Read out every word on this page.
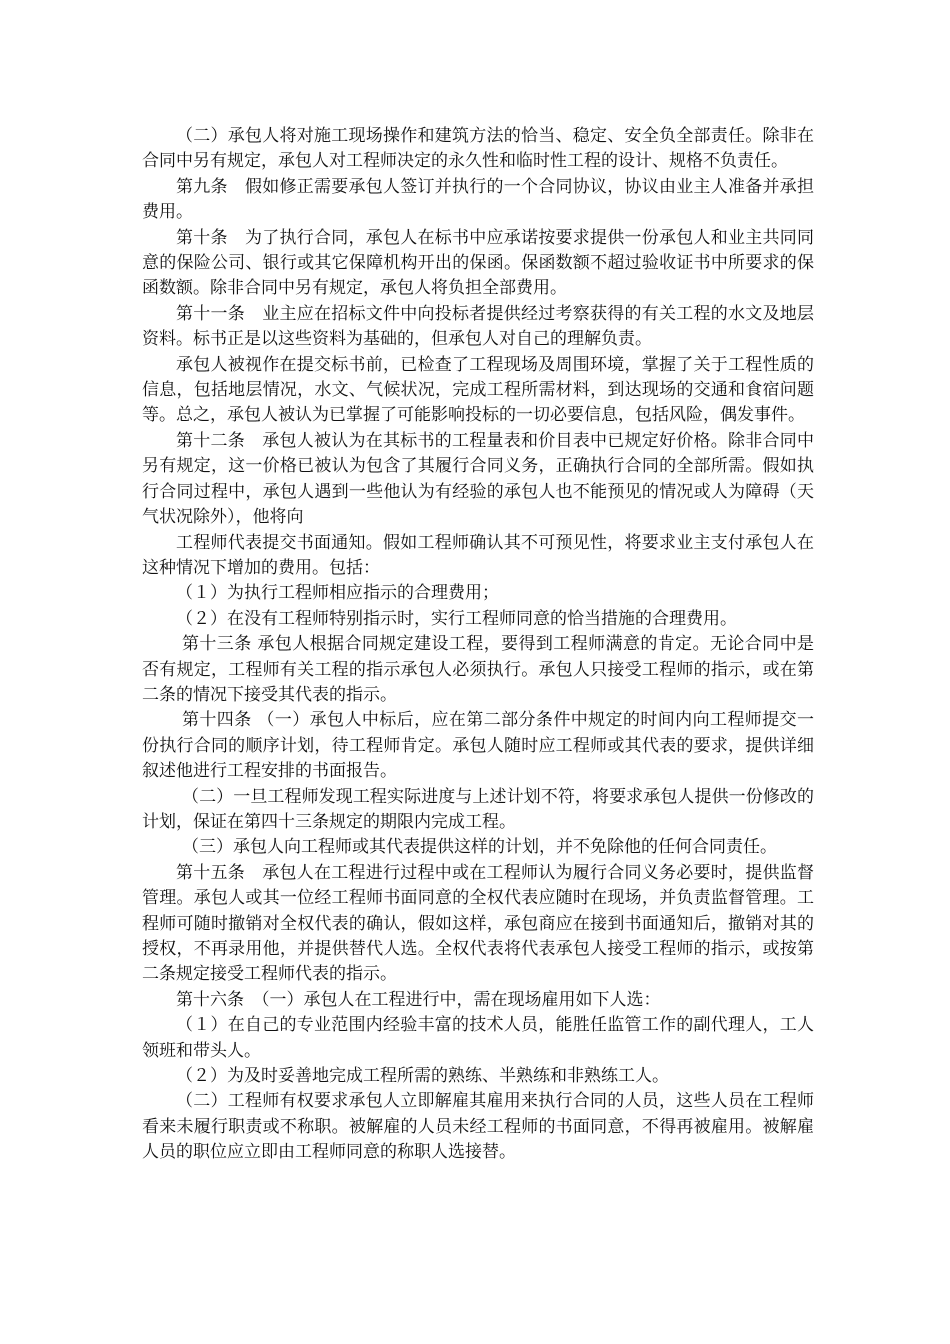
（二）承包人将对施工现场操作和建筑方法的恰当、稳定、安全负全部责任。除非在合同中另有规定，承包人对工程师决定的永久性和临时性工程的设计、规格不负责任。

第九条　假如修正需要承包人签订并执行的一个合同协议，协议由业主人准备并承担费用。

第十条　为了执行合同，承包人在标书中应承诺按要求提供一份承包人和业主共同同意的保险公司、银行或其它保障机构开出的保函。保函数额不超过验收证书中所要求的保函数额。除非合同中另有规定，承包人将负担全部费用。

第十一条　业主应在招标文件中向投标者提供经过考察获得的有关工程的水文及地层资料。标书正是以这些资料为基础的，但承包人对自己的理解负责。

承包人被视作在提交标书前，已检查了工程现场及周围环境，掌握了关于工程性质的信息，包括地层情况，水文、气候状况，完成工程所需材料，到达现场的交通和食宿问题等。总之，承包人被认为已掌握了可能影响投标的一切必要信息，包括风险，偶发事件。

第十二条　承包人被认为在其标书的工程量表和价目表中已规定好价格。除非合同中另有规定，这一价格已被认为包含了其履行合同义务，正确执行合同的全部所需。假如执行合同过程中，承包人遇到一些他认为有经验的承包人也不能预见的情况或人为障碍（天气状况除外），他将向

工程师代表提交书面通知。假如工程师确认其不可预见性，将要求业主支付承包人在这种情况下增加的费用。包括：

（１）为执行工程师相应指示的合理费用；

（２）在没有工程师特别指示时，实行工程师同意的恰当措施的合理费用。

第十三条 承包人根据合同规定建设工程，要得到工程师满意的肯定。无论合同中是否有规定，工程师有关工程的指示承包人必须执行。承包人只接受工程师的指示，或在第二条的情况下接受其代表的指示。

第十四条 （一）承包人中标后，应在第二部分条件中规定的时间内向工程师提交一份执行合同的顺序计划，待工程师肯定。承包人随时应工程师或其代表的要求，提供详细叙述他进行工程安排的书面报告。

（二）一旦工程师发现工程实际进度与上述计划不符，将要求承包人提供一份修改的计划，保证在第四十三条规定的期限内完成工程。

（三）承包人向工程师或其代表提供这样的计划，并不免除他的任何合同责任。

第十五条　承包人在工程进行过程中或在工程师认为履行合同义务必要时，提供监督管理。承包人或其一位经工程师书面同意的全权代表应随时在现场，并负责监督管理。工程师可随时撤销对全权代表的确认，假如这样，承包商应在接到书面通知后，撤销对其的授权，不再录用他，并提供替代人选。全权代表将代表承包人接受工程师的指示，或按第二条规定接受工程师代表的指示。

第十六条　（一）承包人在工程进行中，需在现场雇用如下人选：

（１）在自己的专业范围内经验丰富的技术人员，能胜任监管工作的副代理人，工人领班和带头人。

（２）为及时妥善地完成工程所需的熟练、半熟练和非熟练工人。

（二）工程师有权要求承包人立即解雇其雇用来执行合同的人员，这些人员在工程师看来未履行职责或不称职。被解雇的人员未经工程师的书面同意，不得再被雇用。被解雇人员的职位应立即由工程师同意的称职人选接替。
